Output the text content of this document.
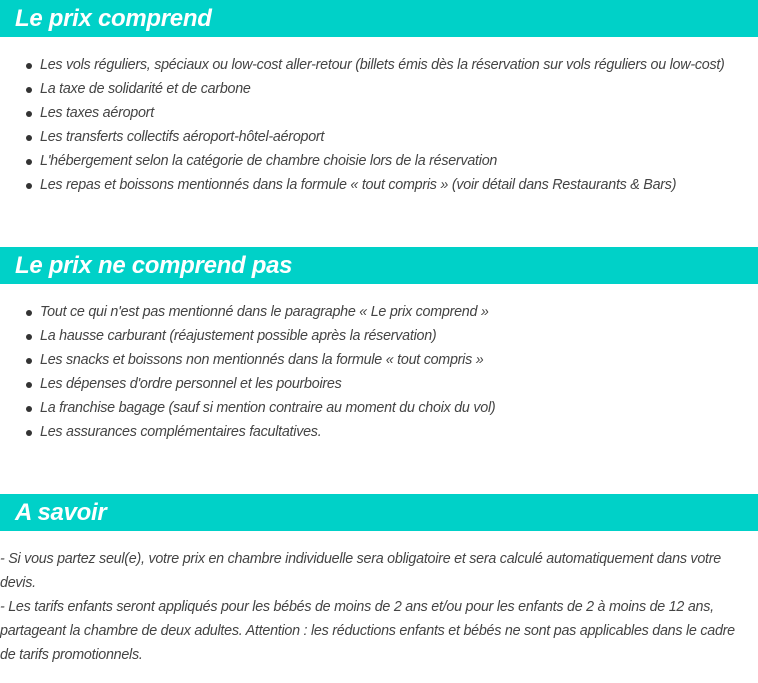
Le prix comprend
Les vols réguliers, spéciaux ou low-cost aller-retour (billets émis dès la réservation sur vols réguliers ou low-cost)
La taxe de solidarité et de carbone
Les taxes aéroport
Les transferts collectifs aéroport-hôtel-aéroport
L'hébergement selon la catégorie de chambre choisie lors de la réservation
Les repas et boissons mentionnés dans la formule « tout compris » (voir détail dans Restaurants & Bars)
Le prix ne comprend pas
Tout ce qui n'est pas mentionné dans le paragraphe « Le prix comprend »
La hausse carburant (réajustement possible après la réservation)
Les snacks et boissons non mentionnés dans la formule « tout compris »
Les dépenses d'ordre personnel et les pourboires
La franchise bagage (sauf si mention contraire au moment du choix du vol)
Les assurances complémentaires facultatives.
A savoir

- Si vous partez seul(e), votre prix en chambre individuelle sera obligatoire et sera calculé automatiquement dans votre devis.

- Les tarifs enfants seront appliqués pour les bébés de moins de 2 ans et/ou pour les enfants de 2 à moins de 12 ans, partageant la chambre de deux adultes. Attention : les réductions enfants et bébés ne sont pas applicables dans le cadre de tarifs promotionnels.
